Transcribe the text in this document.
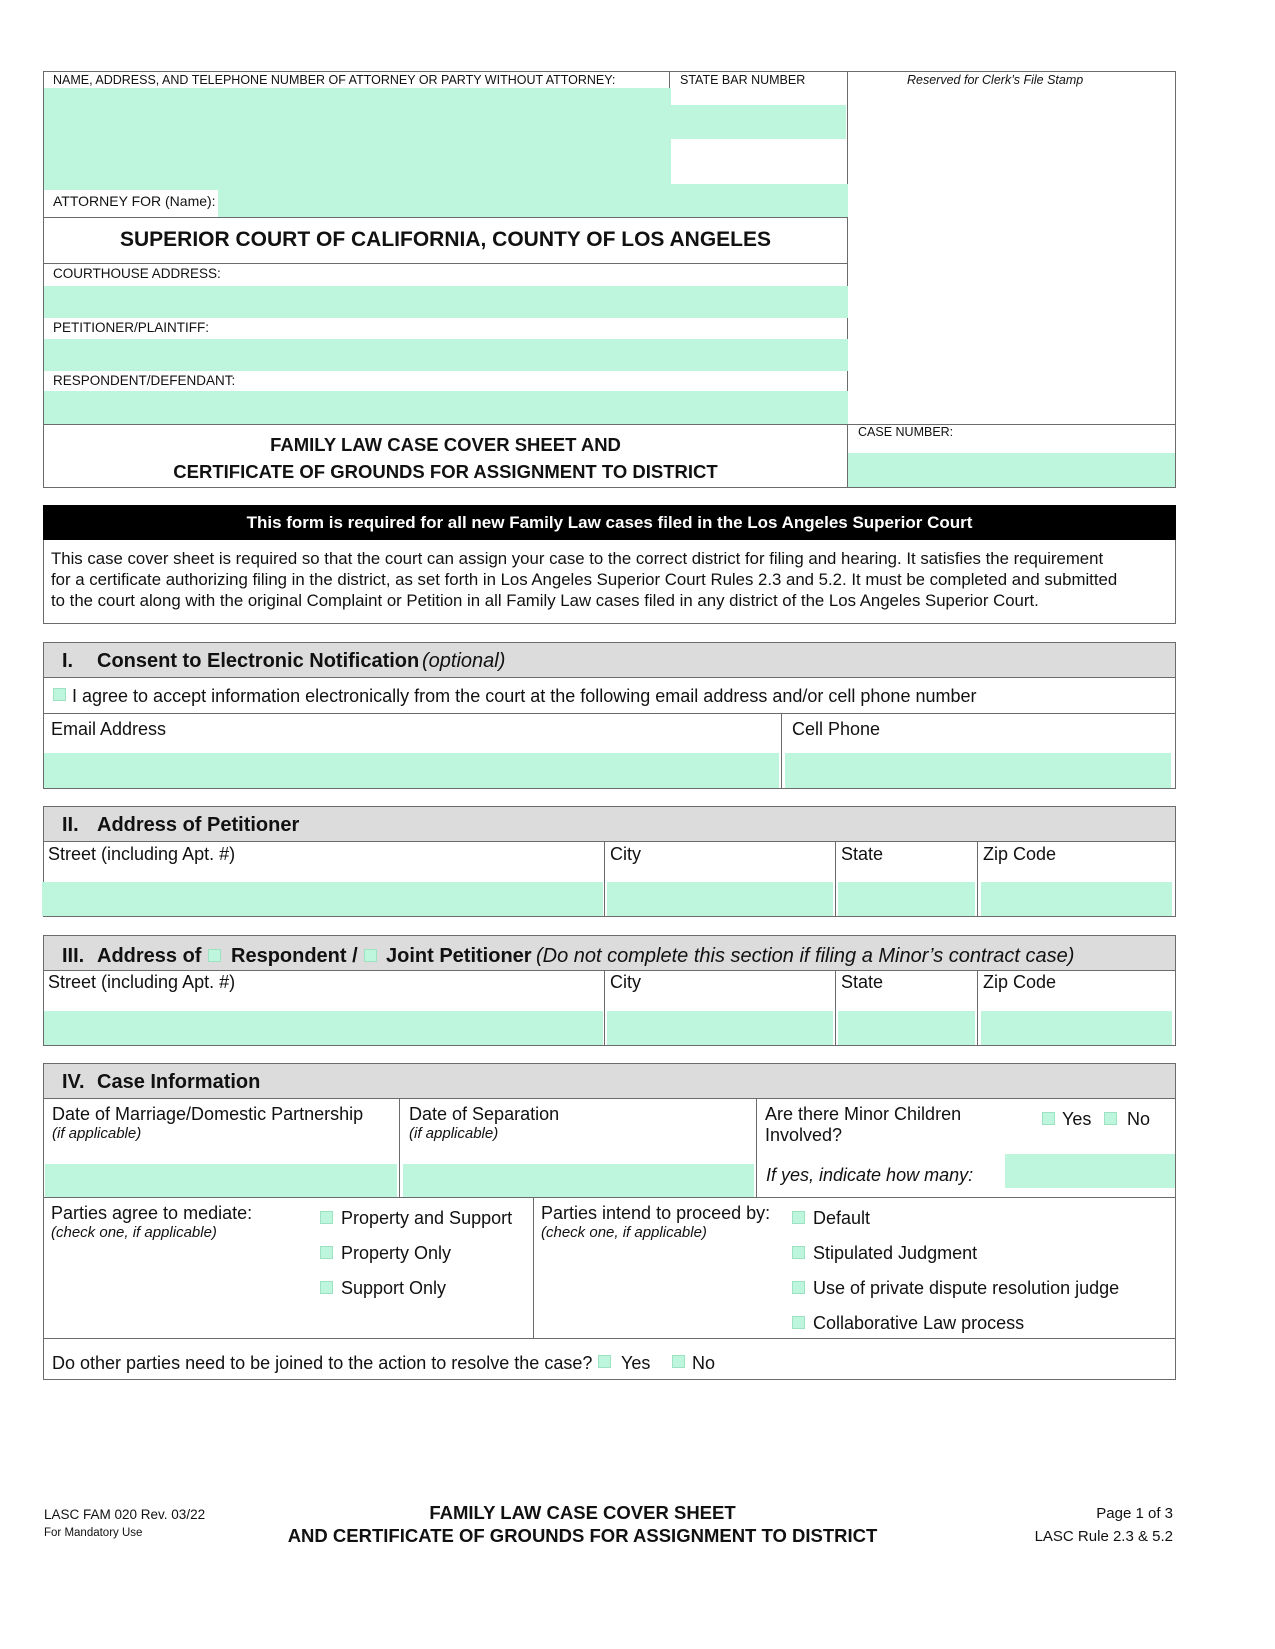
NAME, ADDRESS, AND TELEPHONE NUMBER OF ATTORNEY OR PARTY WITHOUT ATTORNEY:	STATE BAR NUMBER	Reserved for Clerk’s File Stamp
ATTORNEY FOR (Name):
SUPERIOR COURT OF CALIFORNIA, COUNTY OF LOS ANGELES
COURTHOUSE ADDRESS:
PETITIONER/PLAINTIFF:
RESPONDENT/DEFENDANT:
FAMILY LAW CASE COVER SHEET AND
CERTIFICATE OF GROUNDS FOR ASSIGNMENT TO DISTRICT
CASE NUMBER:
This form is required for all new Family Law cases filed in the Los Angeles Superior Court
This case cover sheet is required so that the court can assign your case to the correct district for filing and hearing. It satisfies the requirement
for a certificate authorizing filing in the district, as set forth in Los Angeles Superior Court Rules 2.3 and 5.2. It must be completed and submitted
to the court along with the original Complaint or Petition in all Family Law cases filed in any district of the Los Angeles Superior Court.
I. Consent to Electronic Notification (optional)
I agree to accept information electronically from the court at the following email address and/or cell phone number
Email Address	Cell Phone
II. Address of Petitioner
Street (including Apt. #)	City	State	Zip Code
III. Address of Respondent / Joint Petitioner (Do not complete this section if filing a Minor’s contract case)
Street (including Apt. #)	City	State	Zip Code
IV. Case Information
Date of Marriage/Domestic Partnership
(if applicable)
Date of Separation
(if applicable)
Are there Minor Children
Involved?
Yes No
If yes, indicate how many:
Parties agree to mediate:
(check one, if applicable)
Property and Support
Property Only
Support Only
Parties intend to proceed by:
(check one, if applicable)
Default
Stipulated Judgment
Use of private dispute resolution judge
Collaborative Law process
Do other parties need to be joined to the action to resolve the case? Yes No
LASC FAM 020 Rev. 03/22
For Mandatory Use
FAMILY LAW CASE COVER SHEET
AND CERTIFICATE OF GROUNDS FOR ASSIGNMENT TO DISTRICT
Page 1 of 3
LASC Rule 2.3 & 5.2
